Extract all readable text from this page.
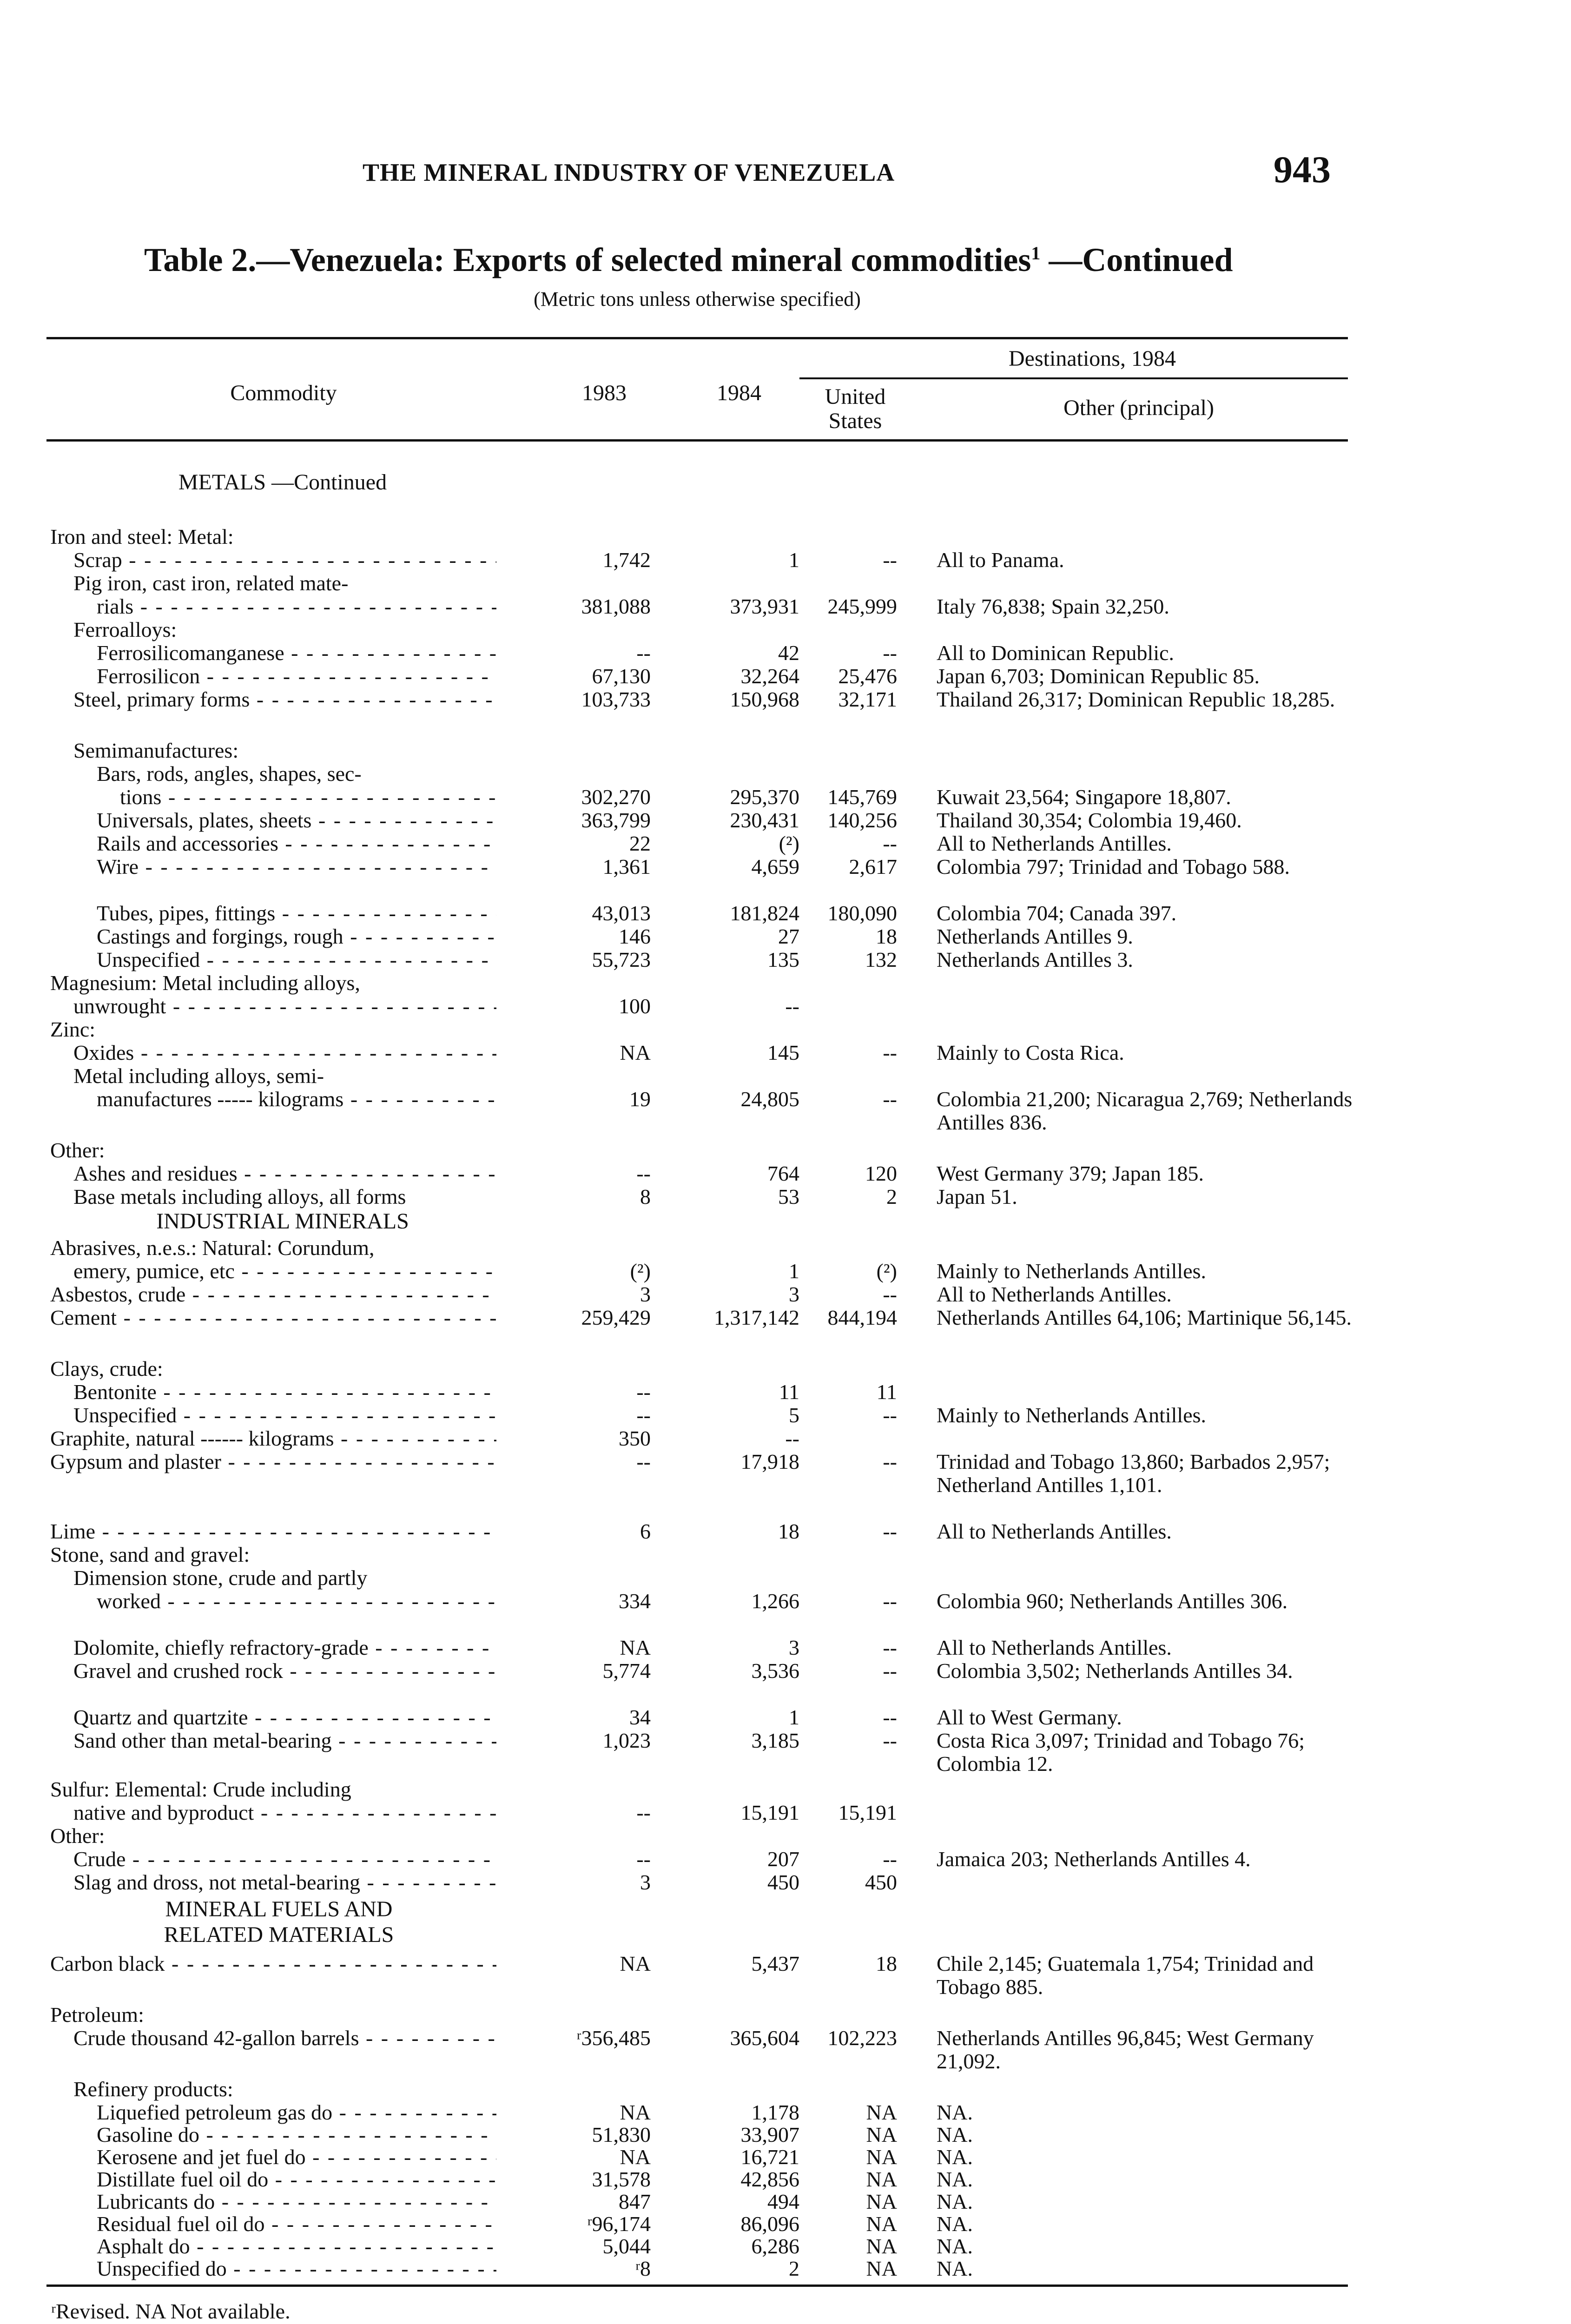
THE MINERAL INDUSTRY OF VENEZUELA	943
Table 2.—Venezuela: Exports of selected mineral commodities$^1$ —Continued
(Metric tons unless otherwise specified)
Commodity	1983	1984
Destinations, 1984
United States
Other (principal)
METALS —Continued
Iron and steel: Metal:
Scrap - - -	1,742	1	-- All to Panama.
Pig iron, cast iron, related mate-
rials - - -	381,088	373,931	245,999 Italy 76,838; Spain 32,250.
Ferroalloys:
Ferrosilicomanganese - - -	--	42	-- All to Dominican Republic.
Ferrosilicon - - -	67,130	32,264	25,476 Japan 6,703; Dominican Republic 85.
Steel, primary forms - - -	103,733	150,968	32,171 Thailand 26,317; Dominican Republic 18,285.
Semimanufactures:
Bars, rods, angles, shapes, sec-
tions - - -	302,270	295,370	145,769 Kuwait 23,564; Singapore 18,807.
Universals, plates, sheets - - -	363,799	230,431	140,256 Thailand 30,354; Colombia 19,460.
Rails and accessories - - -	22	(²)	-- All to Netherlands Antilles.
Wire - - -	1,361	4,659	2,617 Colombia 797; Trinidad and Tobago 588.
Tubes, pipes, fittings - - -	43,013	181,824	180,090 Colombia 704; Canada 397.
Castings and forgings, rough - - -	146	27	18 Netherlands Antilles 9.
Unspecified - - -	55,723	135	132 Netherlands Antilles 3.
Magnesium: Metal including alloys,
unwrought - - -	100	--
Zinc:
Oxides - - -	NA	145	-- Mainly to Costa Rica.
Metal including alloys, semi-
manufactures ----- kilograms - - -	19	24,805	-- Colombia 21,200; Nicaragua 2,769; Netherlands Antilles 836.
Other:
Ashes and residues - - -	--	764	120 West Germany 379; Japan 185.
Base metals including alloys, all forms	8	53	2 Japan 51.
INDUSTRIAL MINERALS
Abrasives, n.e.s.: Natural: Corundum,
emery, pumice, etc - - -	(²)	1	(²) Mainly to Netherlands Antilles.
Asbestos, crude - - -	3	3	-- All to Netherlands Antilles.
Cement - - -	259,429	1,317,142	844,194 Netherlands Antilles 64,106; Martinique 56,145.
Clays, crude:
Bentonite - - -	--	11	11
Unspecified - - -	--	5	-- Mainly to Netherlands Antilles.
Graphite, natural ------ kilograms - - -	350	--
Gypsum and plaster - - -	--	17,918	-- Trinidad and Tobago 13,860; Barbados 2,957; Netherland Antilles 1,101.
Lime - - -	6	18	-- All to Netherlands Antilles.
Stone, sand and gravel:
Dimension stone, crude and partly
worked - - -	334	1,266	-- Colombia 960; Netherlands Antilles 306.
Dolomite, chiefly refractory-grade - - -	NA	3	-- All to Netherlands Antilles.
Gravel and crushed rock - - -	5,774	3,536	-- Colombia 3,502; Netherlands Antilles 34.
Quartz and quartzite - - -	34	1	-- All to West Germany.
Sand other than metal-bearing - - -	1,023	3,185	-- Costa Rica 3,097; Trinidad and Tobago 76; Colombia 12.
Sulfur: Elemental: Crude including
native and byproduct - - -	--	15,191	15,191
Other:
Crude - - -	--	207	-- Jamaica 203; Netherlands Antilles 4.
Slag and dross, not metal-bearing - - -	3	450	450
MINERAL FUELS AND RELATED MATERIALS
Carbon black - - -	NA	5,437	18 Chile 2,145; Guatemala 1,754; Trinidad and Tobago 885.
Petroleum:
Crude thousand 42-gallon barrels - - -	ʳ356,485	365,604	102,223 Netherlands Antilles 96,845; West Germany 21,092.
Refinery products:
Liquefied petroleum gas do - - -	NA	1,178	NA NA.
Gasoline do - - -	51,830	33,907	NA NA.
Kerosene and jet fuel do - - -	NA	16,721	NA NA.
Distillate fuel oil do - - -	31,578	42,856	NA NA.
Lubricants do - - -	847	494	NA NA.
Residual fuel oil do - - -	ʳ96,174	86,096	NA NA.
Asphalt do - - -	5,044	6,286	NA NA.
Unspecified do - - -	ʳ8	2	NA NA.
ʳRevised. NA Not available.
